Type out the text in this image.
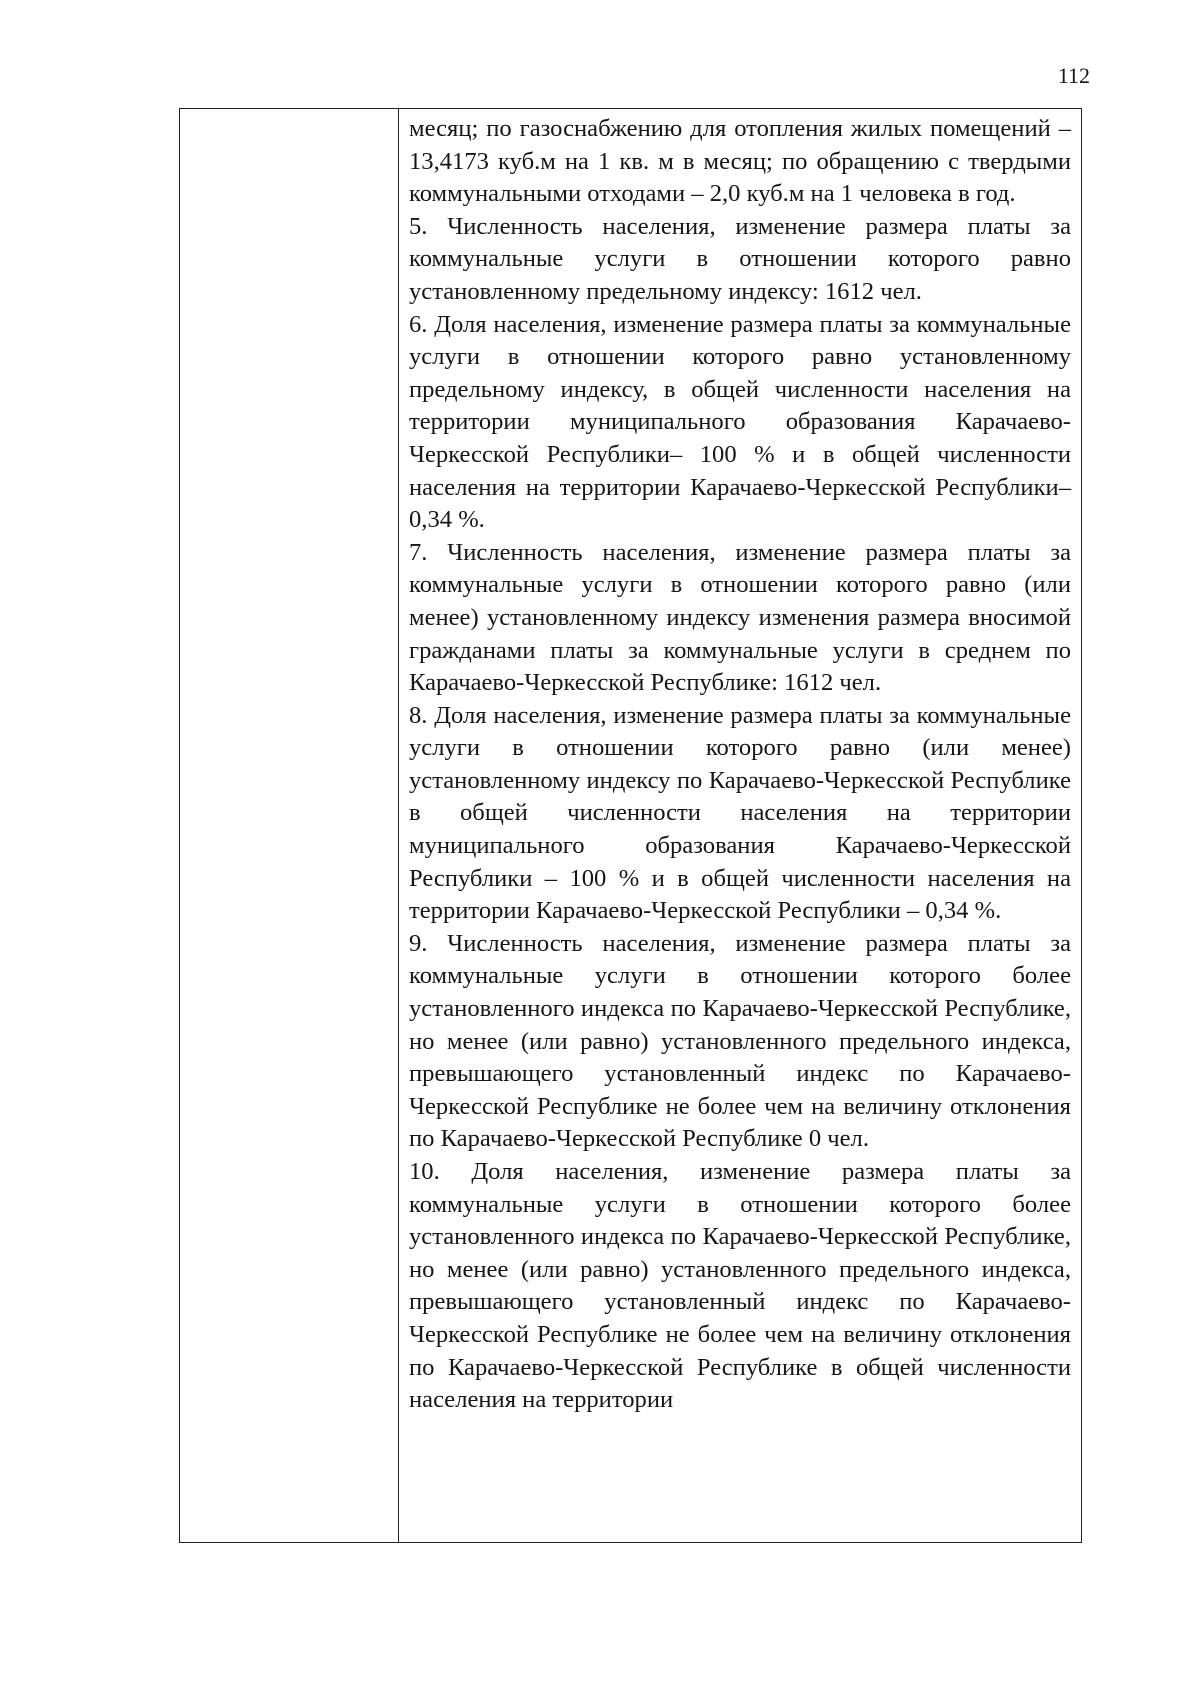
112

месяц; по газоснабжению для отопления жилых помещений – 13,4173 куб.м на 1 кв. м в месяц; по обращению с твердыми коммунальными отходами – 2,0 куб.м на 1 человека в год.

5. Численность населения, изменение размера платы за коммунальные услуги в отношении которого равно установленному предельному индексу: 1612 чел.

6. Доля населения, изменение размера платы за коммунальные услуги в отношении которого равно установленному предельному индексу, в общей численности населения на территории муниципального образования Карачаево-Черкесской Республики– 100 % и в общей численности населения на территории Карачаево-Черкесской Республики– 0,34 %.

7. Численность населения, изменение размера платы за коммунальные услуги в отношении которого равно (или менее) установленному индексу изменения размера вносимой гражданами платы за коммунальные услуги в среднем по Карачаево-Черкесской Республике: 1612 чел.

8. Доля населения, изменение размера платы за коммунальные услуги в отношении которого равно (или менее) установленному индексу по Карачаево-Черкесской Республике в общей численности населения на территории муниципального образования Карачаево-Черкесской Республики – 100 % и в общей численности населения на территории Карачаево-Черкесской Республики – 0,34 %.

9. Численность населения, изменение размера платы за коммунальные услуги в отношении которого более установленного индекса по Карачаево-Черкесской Республике, но менее (или равно) установленного предельного индекса, превышающего установленный индекс по Карачаево-Черкесской Республике не более чем на величину отклонения по Карачаево-Черкесской Республике 0 чел.

10. Доля населения, изменение размера платы за коммунальные услуги в отношении которого более установленного индекса по Карачаево-Черкесской Республике, но менее (или равно) установленного предельного индекса, превышающего установленный индекс по Карачаево-Черкесской Республике не более чем на величину отклонения по Карачаево-Черкесской Республике в общей численности населения на территории
